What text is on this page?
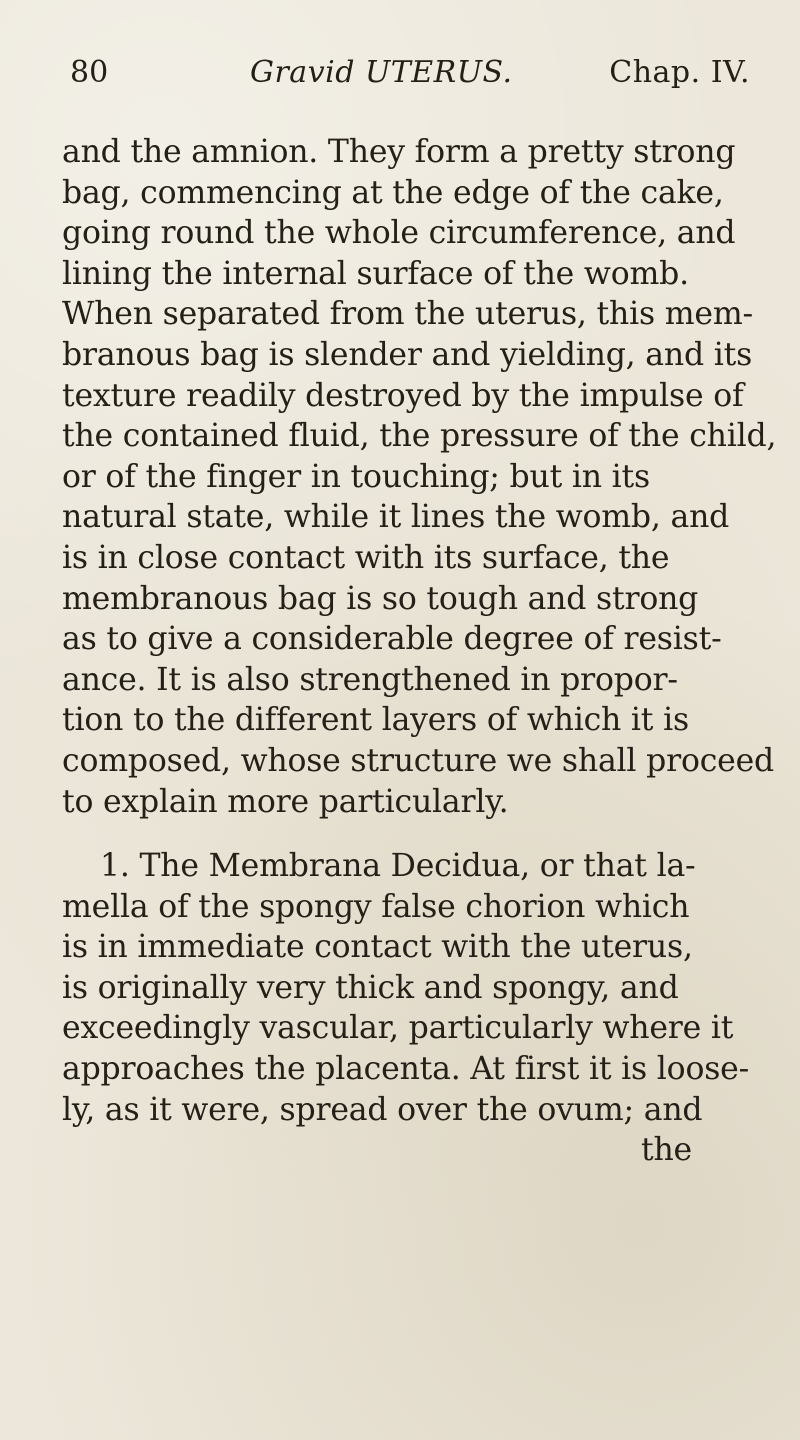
80	Gravid UTERUS.	Chap. IV.
and the amnion. They form a pretty strong
bag, commencing at the edge of the cake,
going round the whole circumference, and
lining the internal surface of the womb.
When separated from the uterus, this mem-
branous bag is slender and yielding, and its
texture readily destroyed by the impulse of
the contained fluid, the pressure of the child,
or of the finger in touching; but in its
natural state, while it lines the womb, and
is in close contact with its surface, the
membranous bag is so tough and strong
as to give a considerable degree of resist-
ance. It is also strengthened in propor-
tion to the different layers of which it is
composed, whose structure we shall proceed
to explain more particularly.
1. The Membrana Decidua, or that la-
mella of the spongy false chorion which
is in immediate contact with the uterus,
is originally very thick and spongy, and
exceedingly vascular, particularly where it
approaches the placenta. At first it is loose-
ly, as it were, spread over the ovum; and
the
